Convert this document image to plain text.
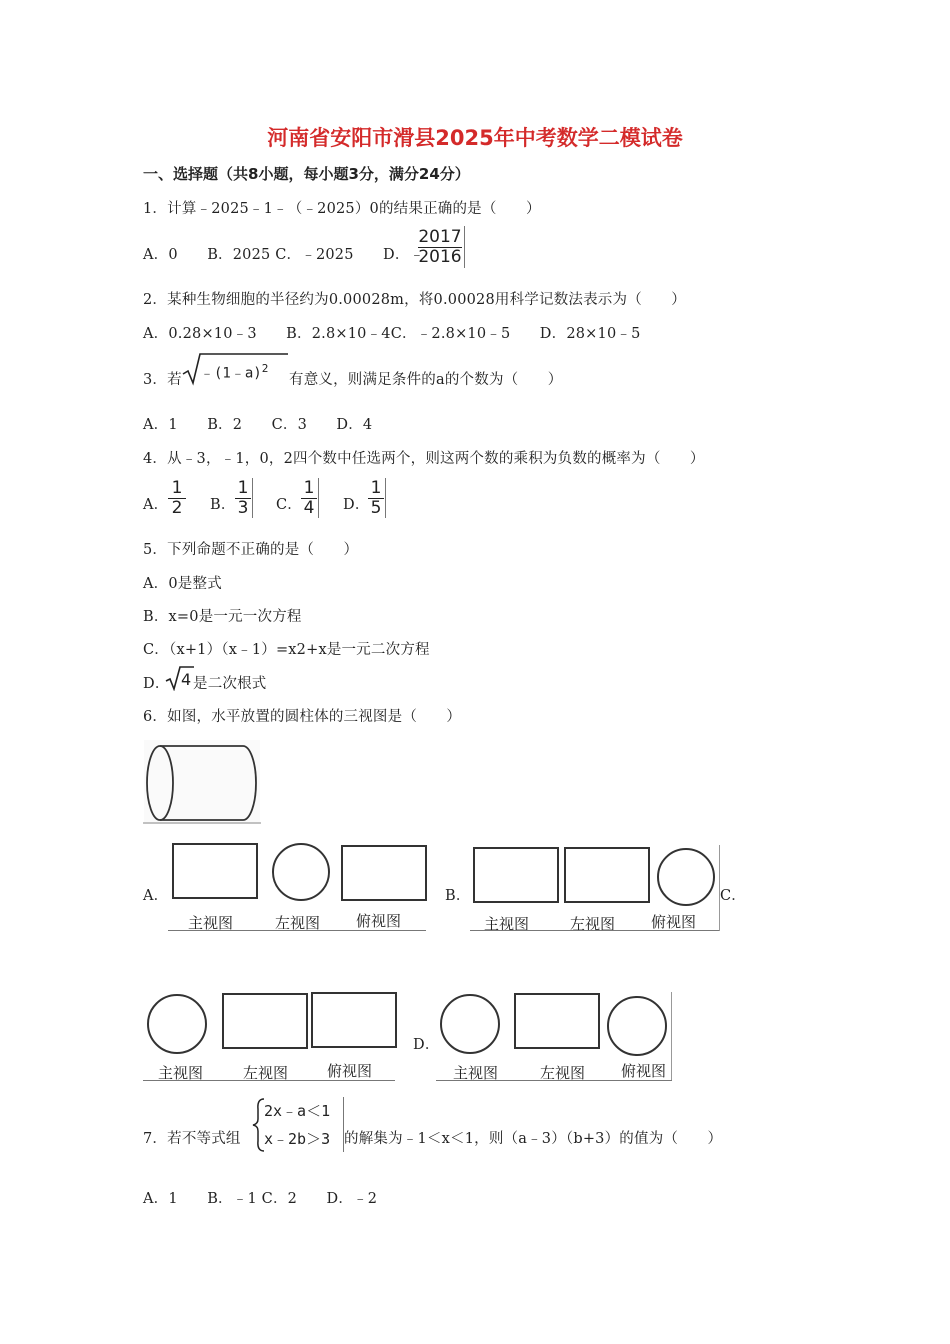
河南省安阳市滑县2025年中考数学二模试卷
一、选择题（共8小题，每小题3分，满分24分）
1．计算﹣2025﹣1﹣（﹣2025）0的结果正确的是（　　）
A．0　　B．2025 C．﹣2025　　D．﹣
2017
2016
2．某种生物细胞的半径约为0.00028m，将0.00028用科学记数法表示为（　　）
A．0.28×10﹣3　　B．2.8×10﹣4C．﹣2.8×10﹣5　　D．28×10﹣5
3．若 ﹣(1﹣a)$^2$
有意义，则满足条件的a的个数为（　　）
A．1　　B．2　　C．3　　D．4
4．从﹣3，﹣1，0，2四个数中任选两个，则这两个数的乘积为负数的概率为（　　）
A．
1
2 B．
1
3 C．
1
4 D．
1
5
5．下列命题不正确的是（　　）
A．0是整式
B．x=0是一元一次方程
C．（x+1）（x﹣1）=x2+x是一元二次方程
D． 4 是二次根式
6．如图，水平放置的圆柱体的三视图是（　　）
A．
主视图	左视图 俯视图
B．
主视图	左视图 俯视图
C．
主视图	左视图	俯视图
D．
主视图	左视图 俯视图
7．若不等式组
2x﹣a＜1
x﹣2b＞3 的解集为﹣1＜x＜1，则（a﹣3）（b+3）的值为（　　）
A．1　　B．﹣1 C．2　　D．﹣2
